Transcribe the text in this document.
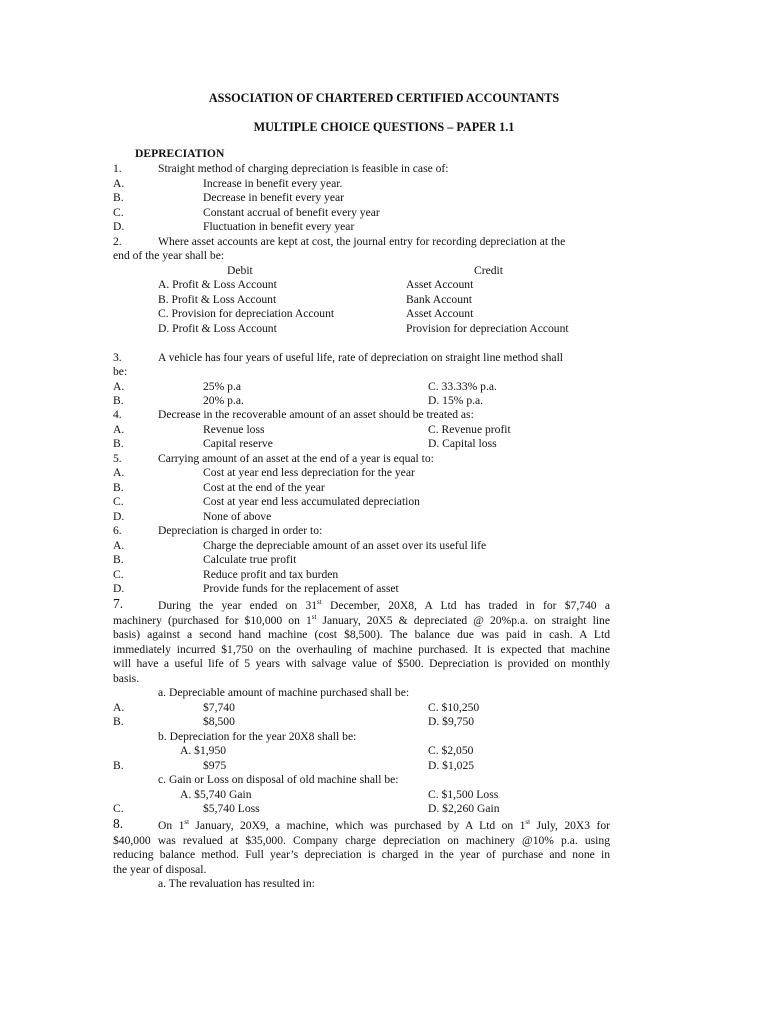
ASSOCIATION OF CHARTERED CERTIFIED ACCOUNTANTS
MULTIPLE CHOICE QUESTIONS – PAPER 1.1
DEPRECIATION
1.	Straight method of charging depreciation is feasible in case of:
A.	Increase in benefit every year.
B.	Decrease in benefit every year
C.	Constant accrual of benefit every year
D.	Fluctuation in benefit every year
2.	Where asset accounts are kept at cost, the journal entry for recording depreciation at the
end of the year shall be:
Debit	Credit
A. Profit & Loss Account	Asset Account
B. Profit & Loss Account	Bank Account
C. Provision for depreciation Account	Asset Account
D. Profit & Loss Account	Provision for depreciation Account
3.	A vehicle has four years of useful life, rate of depreciation on straight line method shall
be:
A.	25% p.a	C. 33.33% p.a.
B.	20% p.a.	D. 15% p.a.
4.	Decrease in the recoverable amount of an asset should be treated as:
A.	Revenue loss	C. Revenue profit
B.	Capital reserve	D. Capital loss
5.	Carrying amount of an asset at the end of a year is equal to:
A.	Cost at year end less depreciation for the year
B.	Cost at the end of the year
C.	Cost at year end less accumulated depreciation
D.	None of above
6.	Depreciation is charged in order to:
A.	Charge the depreciable amount of an asset over its useful life
B.	Calculate true profit
C.	Reduce profit and tax burden
D.	Provide funds for the replacement of asset
7.	During the year ended on 31st December, 20X8, A Ltd has traded in for $7,740 a
machinery (purchased for $10,000 on 1st January, 20X5 & depreciated @ 20%p.a. on straight line
basis) against a second hand machine (cost $8,500). The balance due was paid in cash. A Ltd
immediately incurred $1,750 on the overhauling of machine purchased. It is expected that machine
will have a useful life of 5 years with salvage value of $500. Depreciation is provided on monthly
basis.
a. Depreciable amount of machine purchased shall be:
A.	$7,740	C. $10,250
B.	$8,500	D. $9,750
b. Depreciation for the year 20X8 shall be:
A. $1,950	C. $2,050
B.	$975	D. $1,025
c. Gain or Loss on disposal of old machine shall be:
A. $5,740 Gain	C. $1,500 Loss
C.	$5,740 Loss	D. $2,260 Gain
8.	On 1st January, 20X9, a machine, which was purchased by A Ltd on 1st July, 20X3 for
$40,000 was revalued at $35,000. Company charge depreciation on machinery @10% p.a. using
reducing balance method. Full year’s depreciation is charged in the year of purchase and none in
the year of disposal.
a. The revaluation has resulted in:
